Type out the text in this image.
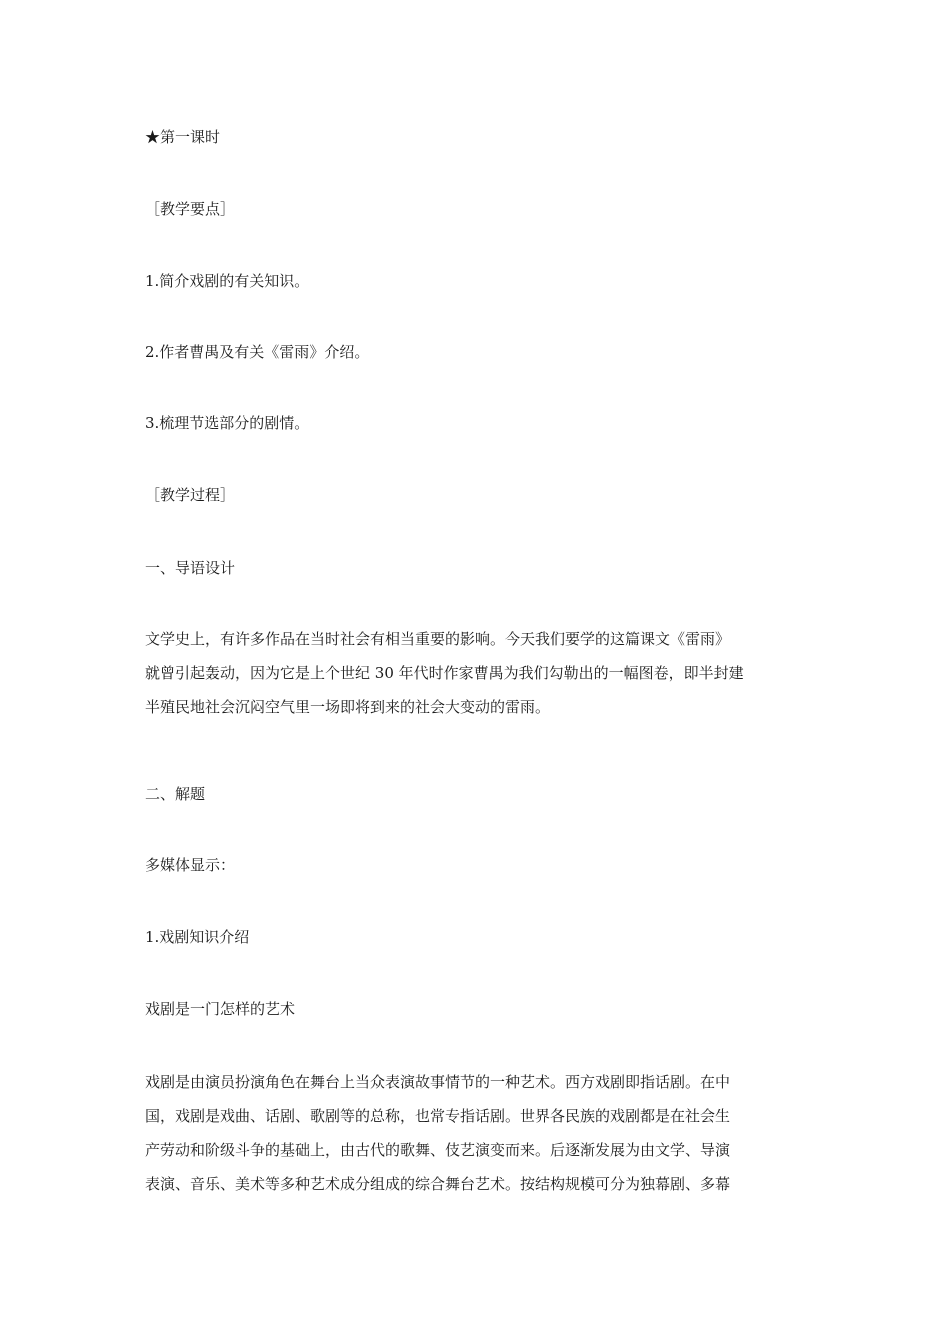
★第一课时
［教学要点］
1.简介戏剧的有关知识。
2.作者曹禺及有关《雷雨》介绍。
3.梳理节选部分的剧情。
［教学过程］
一、导语设计

文学史上，有许多作品在当时社会有相当重要的影响。今天我们要学的这篇课文《雷雨》

就曾引起轰动，因为它是上个世纪 30 年代时作家曹禺为我们勾勒出的一幅图卷，即半封建

半殖民地社会沉闷空气里一场即将到来的社会大变动的雷雨。

二、解题
多媒体显示：
1.戏剧知识介绍
戏剧是一门怎样的艺术

戏剧是由演员扮演角色在舞台上当众表演故事情节的一种艺术。西方戏剧即指话剧。在中

国，戏剧是戏曲、话剧、歌剧等的总称，也常专指话剧。世界各民族的戏剧都是在社会生

产劳动和阶级斗争的基础上，由古代的歌舞、伎艺演变而来。后逐渐发展为由文学、导演

表演、音乐、美术等多种艺术成分组成的综合舞台艺术。按结构规模可分为独幕剧、多幕
